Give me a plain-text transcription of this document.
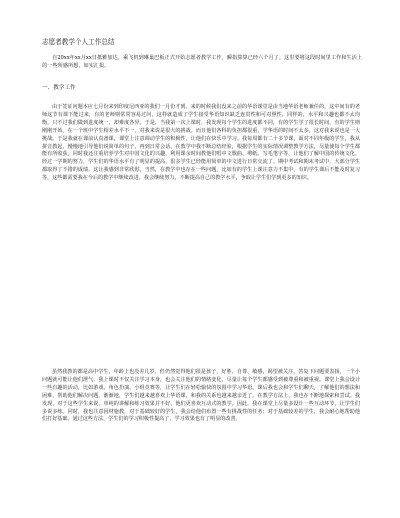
志愿者教学个人工作总结
自20xx年xx月xx日抵雅加达，乘飞机到琳巢巴板正式开始志愿者教学工作，瞬指算算已经六个月了。这里要将这段时间里工作和生活上的一些所感所想，如实汇报。
一、教学工作
由于签证问题本应七月份来到印度尼西亚的我们一月份才到。来的时候我们没来之前的华语课堂是由当地华语老师兼任的，这中间有的老师这节有课下能过来，有的老师则常常容易过问，这样就造成了学生接受华语知识缺乏连贯性和可对照性，同样的，水平和兴趣也都不太均衡，只不过我们做到进度统一，却难度各异。于是，当我第一次上课时，我发现每个学生的进度都不同，有的学生学了很长时间，有的学生则刚刚开始。在一个班中学生相差水平不一，对我来说是很大的挑战。而且他们各科的负担都很重，学华语的时间不太多，这对我来说也是一大挑战。于是我就在课前认真备课，课堂上注意调动学生的积极性，让他们在快乐中学习。我每周都有二十多节课，面对不同年级的学生，我从拼音教起，慢慢地引导他们说简单的句子，再到日常会话。在教学中我不断总结经验，根据学生的实际情况调整教学方法，尽量使每个学生都能有所收获。同时我还注重培养学生对中国文化的兴趣，利用课余时间教他们唱中文歌曲、剪纸、写毛笔字等，让他们了解中国的传统文化。经过一学期的努力，学生们的华语水平有了明显的提高，很多学生已经能用简单的中文进行日常交流了。期中考试和期末考试中，大部分学生都取得了不错的成绩，这让我感到非常欣慰。当然，在教学中也存在一些问题，比如有的学生上课注意力不集中，有的学生课后不能及时复习等，这些都需要我在今后的教学中继续改进。我会继续努力，不断提高自己的教学水平，争取让学生们学到更多的知识。
虽然我教的都是高中学生，年龄上也没差几岁，但仍然觉得他们很是孩子，好胜、自尊、敏感，渴望被关注，答复下问题要表扬，一个小问题就可能让他们泄气。我上课时不仅关注学习本身，也会关注他们的情绪变化，尽量让每个学生都感受到被尊重和被重视。课堂上我会设计一些有趣的活动，比如游戏、角色扮演、小组竞赛等，让学生们在轻松愉快的氛围中学习华语。课后我也会和学生们聊天，了解他们的想法和困难，帮助他们解决问题。渐渐地，学生们越来越喜欢上华语课，和我的关系也越来越亲近了。在教学方法上，我也在不断地探索和尝试。我发现，对于这些学生来说，单纯的讲解和练习效果并不好，他们更喜欢互动式的教学。因此，我在课堂上尽量多设计一些互动环节，让学生们多说多练。同时，我也注意因材施教，对于基础较好的学生，我会给他们布置一些有挑战性的任务；对于基础较差的学生，我会耐心地帮助他们打好基础。通过这些方法，学生们的学习积极性提高了，学习效果也有了明显的改善。
